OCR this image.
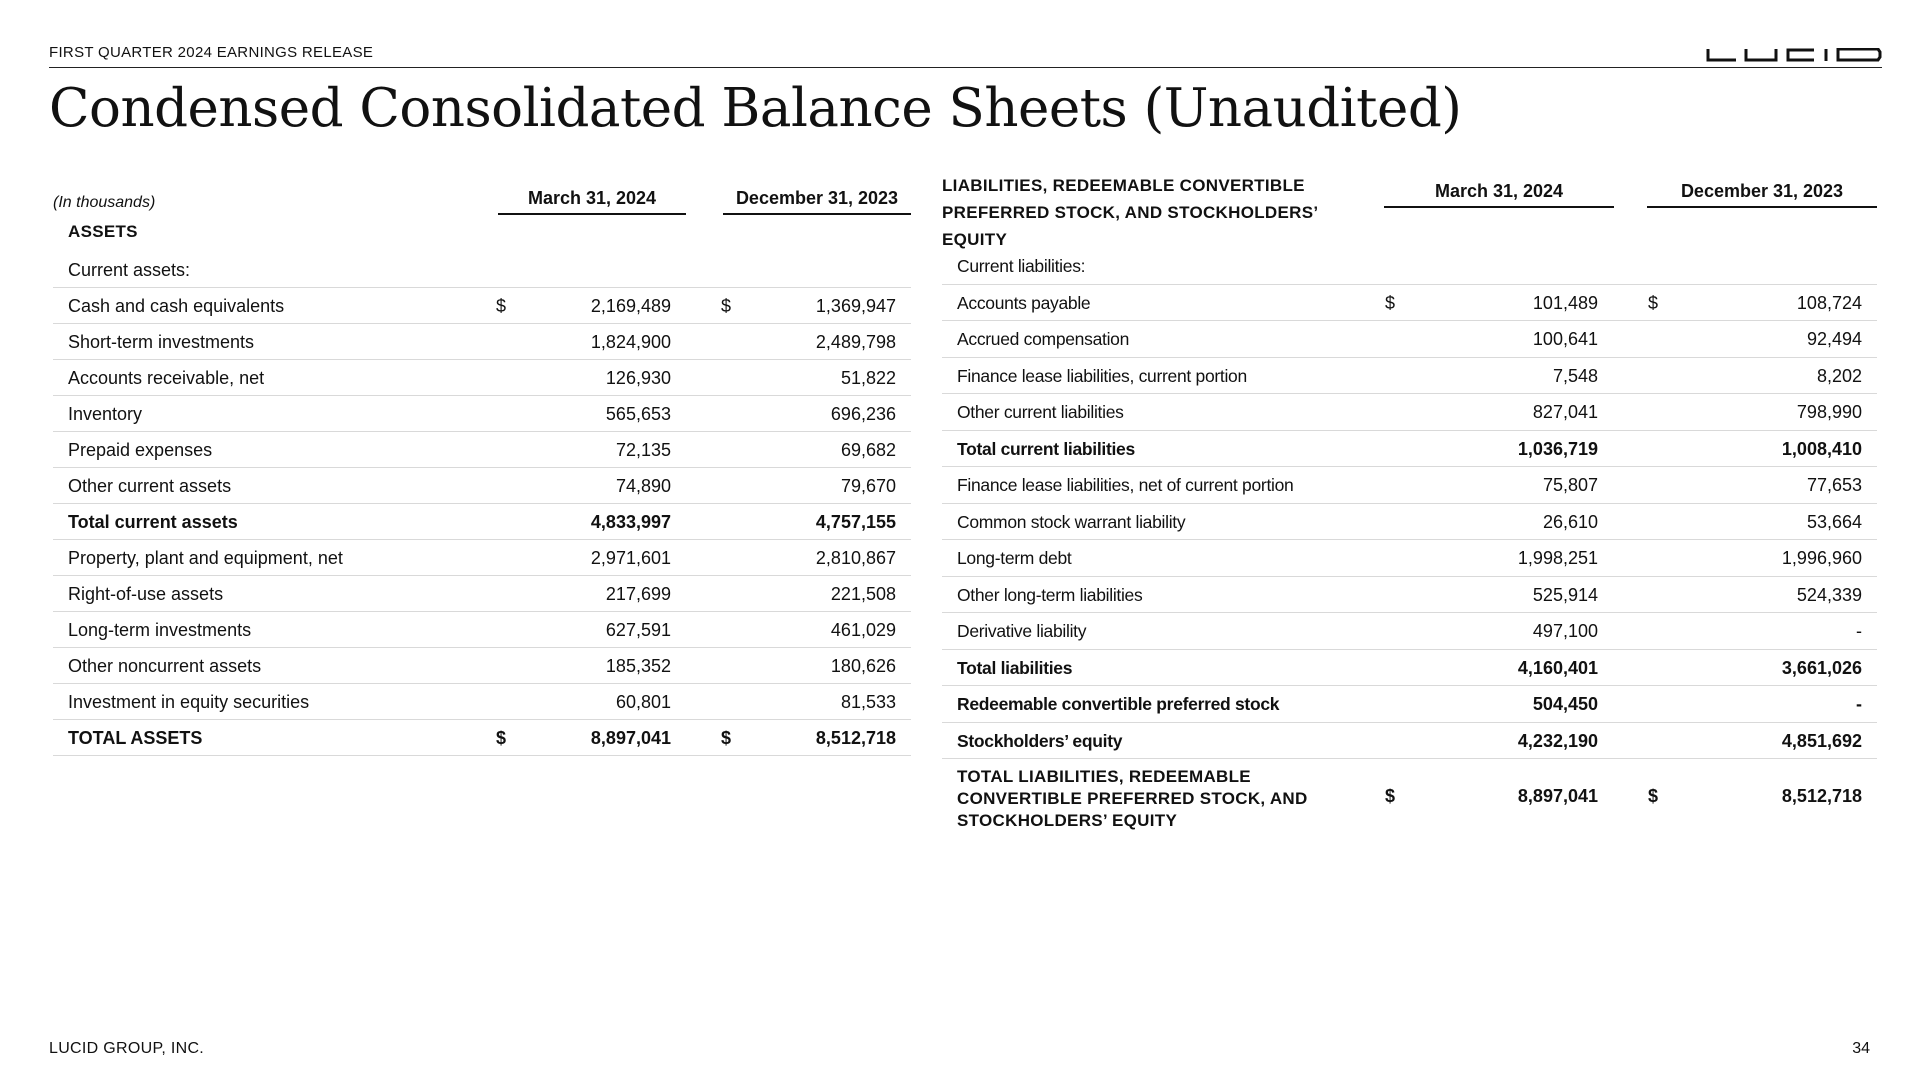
FIRST QUARTER 2024 EARNINGS RELEASE
Condensed Consolidated Balance Sheets (Unaudited)
(In thousands)
ASSETS
March 31, 2024	December 31, 2023
Current assets:
Cash and cash equivalents	$	2,169,489	$	1,369,947
Short-term investments	1,824,900	2,489,798
Accounts receivable, net	126,930	51,822
Inventory	565,653	696,236
Prepaid expenses	72,135	69,682
Other current assets	74,890	79,670
Total current assets	4,833,997	4,757,155
Property, plant and equipment, net	2,971,601	2,810,867
Right-of-use assets	217,699	221,508
Long-term investments	627,591	461,029
Other noncurrent assets	185,352	180,626
Investment in equity securities	60,801	81,533
TOTAL ASSETS	$	8,897,041	$	8,512,718
LIABILITIES, REDEEMABLE CONVERTIBLE PREFERRED STOCK, AND STOCKHOLDERS’ EQUITY
March 31, 2024	December 31, 2023
Current liabilities:
Accounts payable	$	101,489	$	108,724
Accrued compensation	100,641	92,494
Finance lease liabilities, current portion	7,548	8,202
Other current liabilities	827,041	798,990
Total current liabilities	1,036,719	1,008,410
Finance lease liabilities, net of current portion	75,807	77,653
Common stock warrant liability	26,610	53,664
Long-term debt	1,998,251	1,996,960
Other long-term liabilities	525,914	524,339
Derivative liability	497,100	-
Total liabilities	4,160,401	3,661,026
Redeemable convertible preferred stock	504,450	-
Stockholders’ equity	4,232,190	4,851,692
TOTAL LIABILITIES, REDEEMABLE
CONVERTIBLE PREFERRED STOCK, AND
STOCKHOLDERS’ EQUITY
$	8,897,041	$	8,512,718
LUCID GROUP, INC.	34
